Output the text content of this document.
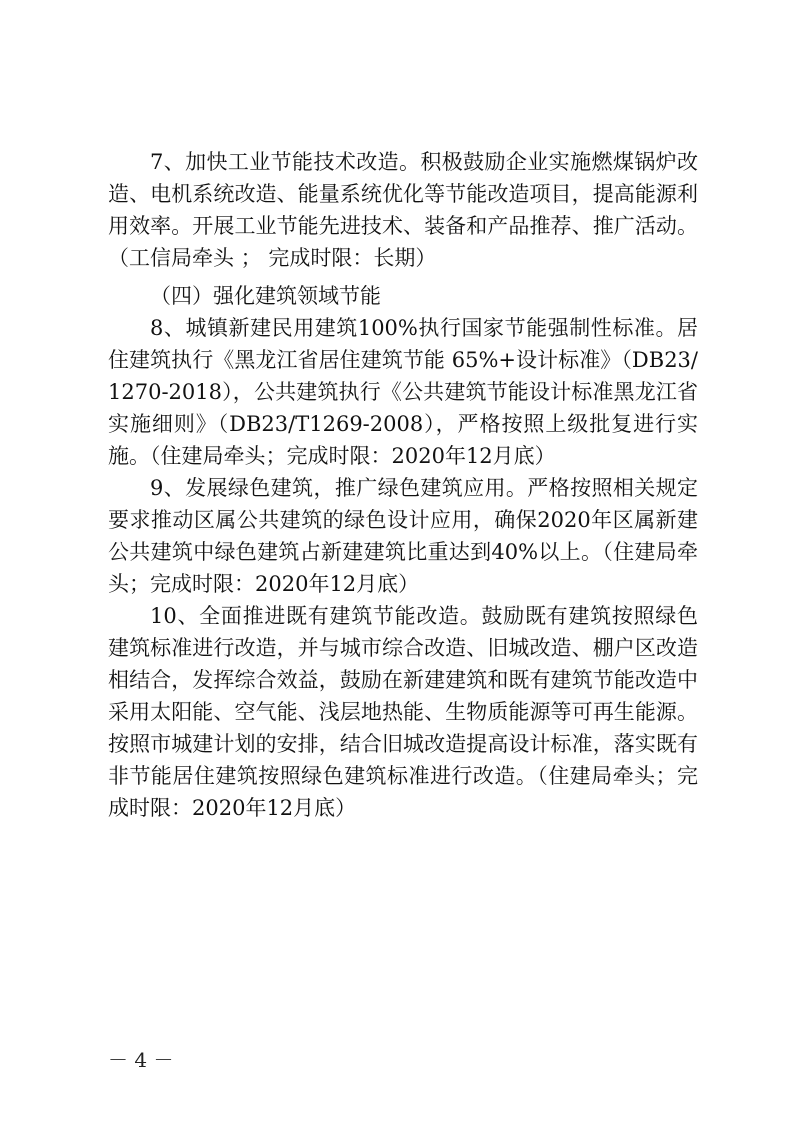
7、加快工业节能技术改造。积极鼓励企业实施燃煤锅炉改造、电机系统改造、能量系统优化等节能改造项目，提高能源利用效率。开展工业节能先进技术、装备和产品推荐、推广活动。（工信局牵头 ； 完成时限：长期）

（四）强化建筑领域节能

8、城镇新建民用建筑100%执行国家节能强制性标准。居住建筑执行《黑龙江省居住建筑节能 65%+设计标准》（DB23/1270-2018），公共建筑执行《公共建筑节能设计标准黑龙江省实施细则》（DB23/T1269-2008），严格按照上级批复进行实施。（住建局牵头；完成时限：2020年12月底）

9、发展绿色建筑，推广绿色建筑应用。严格按照相关规定要求推动区属公共建筑的绿色设计应用，确保2020年区属新建公共建筑中绿色建筑占新建建筑比重达到40%以上。（住建局牵头；完成时限：2020年12月底）

10、全面推进既有建筑节能改造。鼓励既有建筑按照绿色建筑标准进行改造，并与城市综合改造、旧城改造、棚户区改造相结合，发挥综合效益，鼓励在新建建筑和既有建筑节能改造中采用太阳能、空气能、浅层地热能、生物质能源等可再生能源。按照市城建计划的安排，结合旧城改造提高设计标准，落实既有非节能居住建筑按照绿色建筑标准进行改造。（住建局牵头；完成时限：2020年12月底）

－ 4 －
